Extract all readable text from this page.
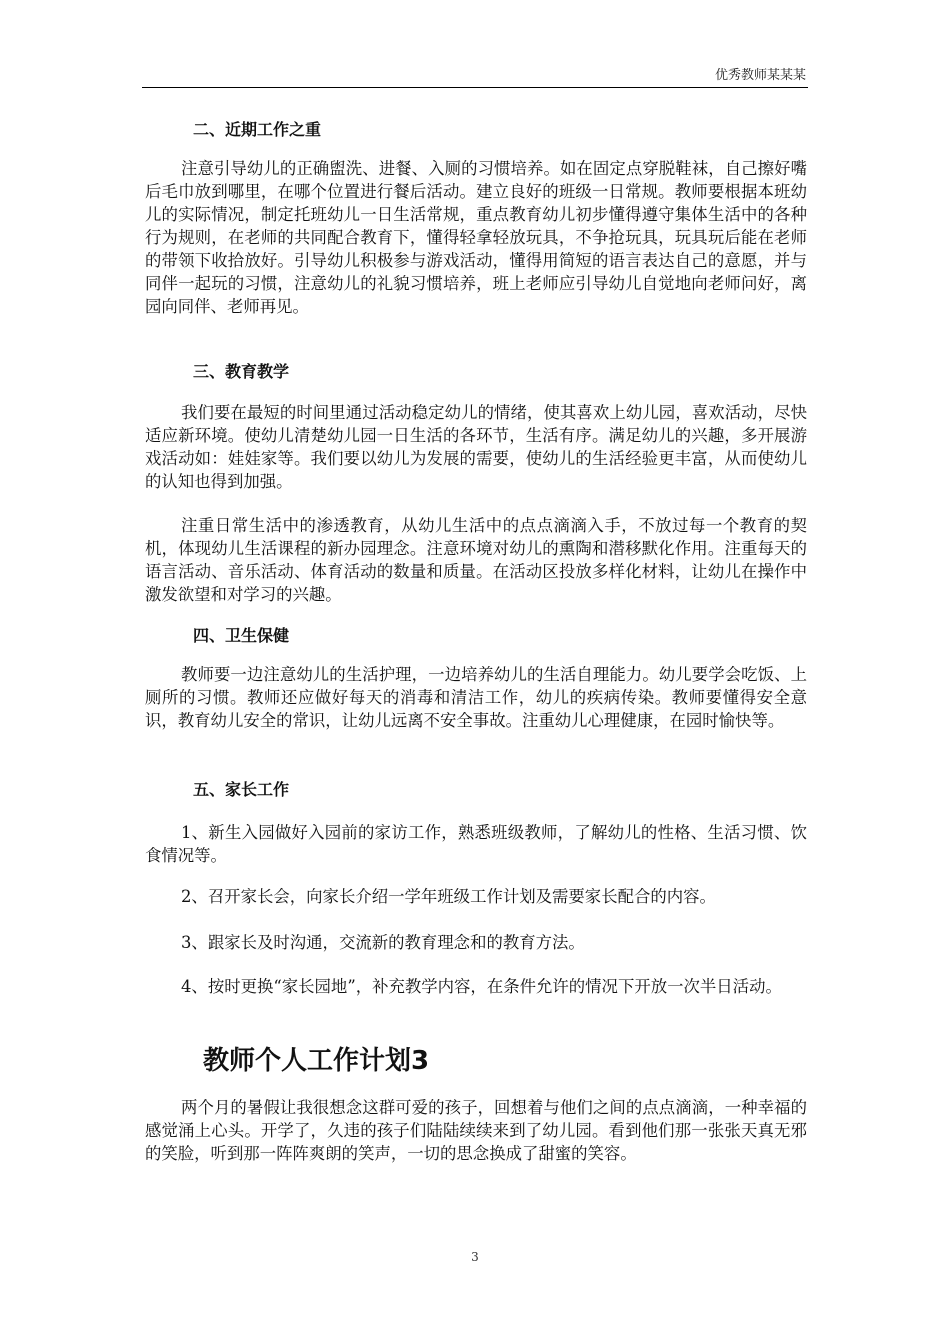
优秀教师某某某
二、近期工作之重
注意引导幼儿的正确盥洗、进餐、入厕的习惯培养。如在固定点穿脱鞋袜，自己擦好嘴后毛巾放到哪里，在哪个位置进行餐后活动。建立良好的班级一日常规。教师要根据本班幼儿的实际情况，制定托班幼儿一日生活常规，重点教育幼儿初步懂得遵守集体生活中的各种行为规则，在老师的共同配合教育下，懂得轻拿轻放玩具，不争抢玩具，玩具玩后能在老师的带领下收拾放好。引导幼儿积极参与游戏活动，懂得用简短的语言表达自己的意愿，并与同伴一起玩的习惯，注意幼儿的礼貌习惯培养，班上老师应引导幼儿自觉地向老师问好，离园向同伴、老师再见。
三、教育教学
我们要在最短的时间里通过活动稳定幼儿的情绪，使其喜欢上幼儿园，喜欢活动，尽快适应新环境。使幼儿清楚幼儿园一日生活的各环节，生活有序。满足幼儿的兴趣，多开展游戏活动如：娃娃家等。我们要以幼儿为发展的需要，使幼儿的生活经验更丰富，从而使幼儿的认知也得到加强。
注重日常生活中的渗透教育，从幼儿生活中的点点滴滴入手，不放过每一个教育的契机，体现幼儿生活课程的新办园理念。注意环境对幼儿的熏陶和潜移默化作用。注重每天的语言活动、音乐活动、体育活动的数量和质量。在活动区投放多样化材料，让幼儿在操作中激发欲望和对学习的兴趣。
四、卫生保健
教师要一边注意幼儿的生活护理，一边培养幼儿的生活自理能力。幼儿要学会吃饭、上厕所的习惯。教师还应做好每天的消毒和清洁工作，幼儿的疾病传染。教师要懂得安全意识，教育幼儿安全的常识，让幼儿远离不安全事故。注重幼儿心理健康，在园时愉快等。
五、家长工作
1、新生入园做好入园前的家访工作，熟悉班级教师，了解幼儿的性格、生活习惯、饮食情况等。
2、召开家长会，向家长介绍一学年班级工作计划及需要家长配合的内容。
3、跟家长及时沟通，交流新的教育理念和的教育方法。
4、按时更换“家长园地”，补充教学内容，在条件允许的情况下开放一次半日活动。
教师个人工作计划3
两个月的暑假让我很想念这群可爱的孩子，回想着与他们之间的点点滴滴，一种幸福的感觉涌上心头。开学了，久违的孩子们陆陆续续来到了幼儿园。看到他们那一张张天真无邪的笑脸，听到那一阵阵爽朗的笑声，一切的思念换成了甜蜜的笑容。
3
